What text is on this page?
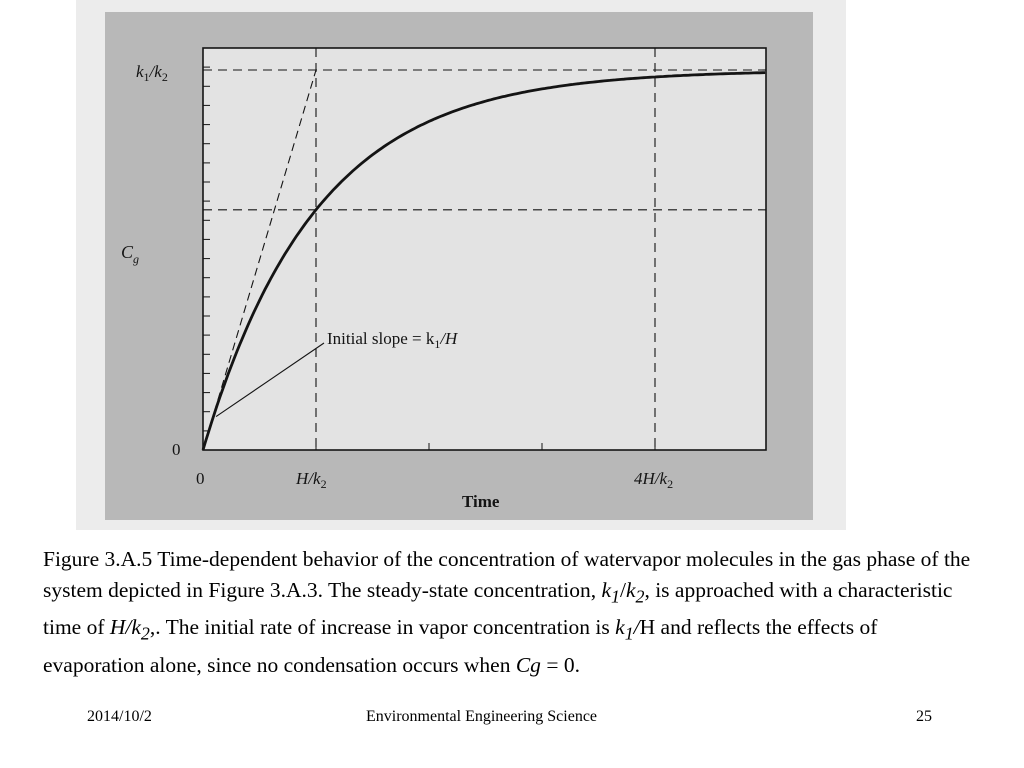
$k_1/k_2$
$C_g$
0
0	$H/k_2$	$4H/k_2$
Time
Initial slope = $k_1/H$

Figure 3.A.5 Time-dependent behavior of the concentration of watervapor molecules in the gas phase of the system depicted in Figure 3.A.3. The steady-state concentration, $k_1/k_2$, is approached with a characteristic time of $H/k_2$,. The initial rate of increase in vapor concentration is $k_1/H$ and reflects the effects of evaporation alone, since no condensation occurs when Cg = 0.

2014/10/2	Environmental Engineering Science	25
